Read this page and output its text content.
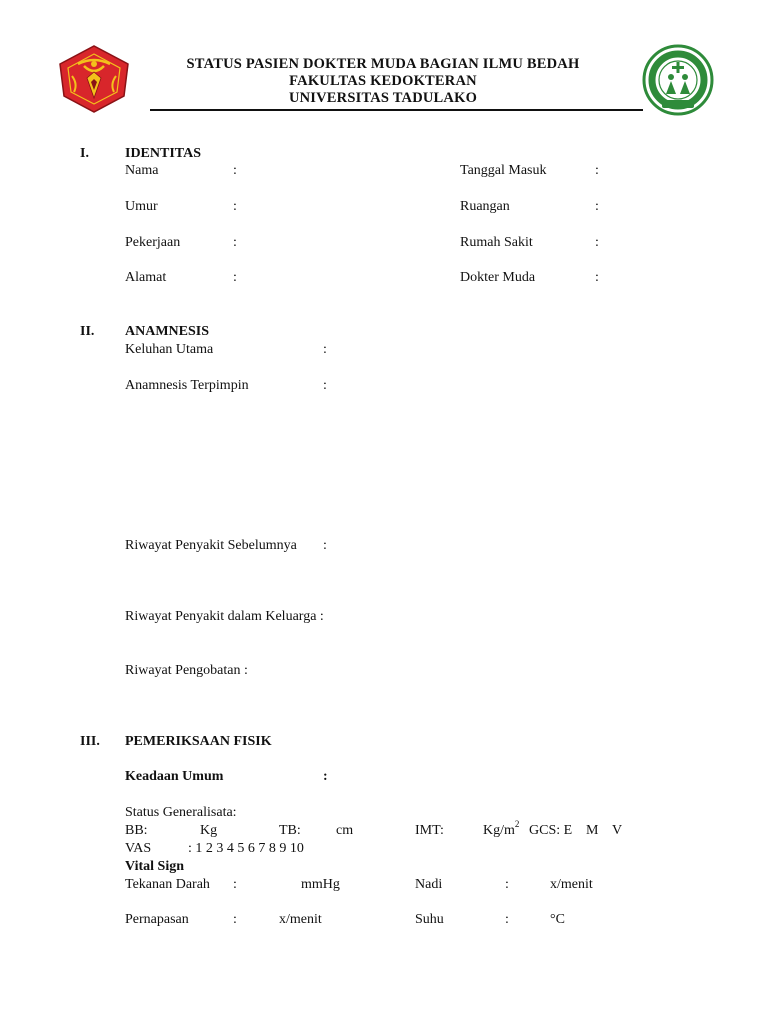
STATUS PASIEN DOKTER MUDA BAGIAN ILMU BEDAH
FAKULTAS KEDOKTERAN
UNIVERSITAS TADULAKO
I.	IDENTITAS
Nama	:	Tanggal Masuk	:
Umur	:	Ruangan	:
Pekerjaan	:	Rumah Sakit	:
Alamat	:	Dokter Muda	:
II. ANAMNESIS
Keluhan Utama	:
Anamnesis Terpimpin	:
Riwayat Penyakit Sebelumnya :
Riwayat Penyakit dalam Keluarga :
Riwayat Pengobatan :
III. PEMERIKSAAN FISIK
Keadaan Umum	:
Status Generalisata:
BB:	Kg	TB:	cm	IMT:	$Kg/m^2$ GCS: E M V
VAS	: 1 2 3 4 5 6 7 8 9 10
Vital Sign
Tekanan Darah :	mmHg	Nadi	:	x/menit
Pernapasan	:	x/menit	Suhu	:	°C
